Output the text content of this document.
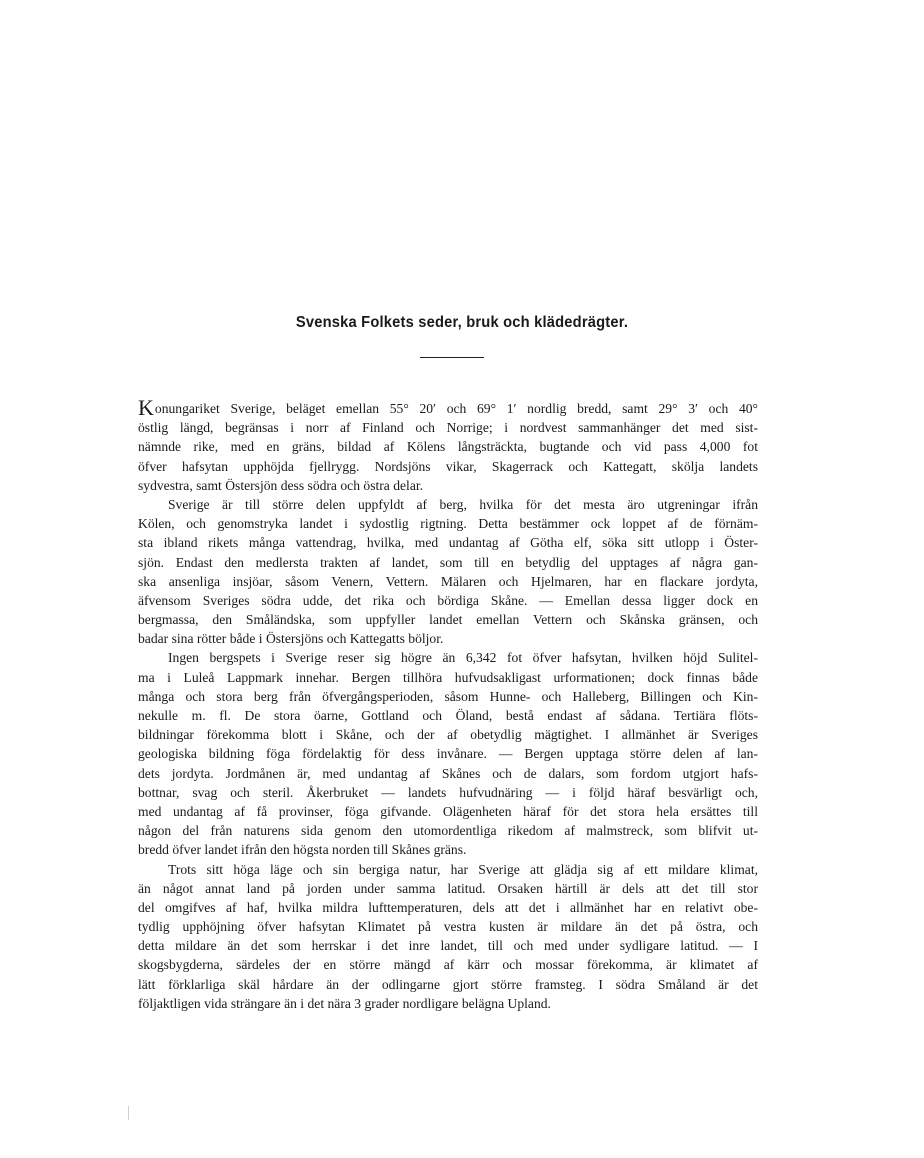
Svenska Folkets seder, bruk och klädedrägter.
Konungariket Sverige, beläget emellan 55° 20′ och 69° 1′ nordlig bredd, samt 29° 3′ och 40°
östlig längd, begränsas i norr af Finland och Norrige; i nordvest sammanhänger det med sist-
nämnde rike, med en gräns, bildad af Kölens långsträckta, bugtande och vid pass 4,000 fot
öfver hafsytan upphöjda fjellrygg. Nordsjöns vikar, Skagerrack och Kattegatt, skölja landets
sydvestra, samt Östersjön dess södra och östra delar.
Sverige är till större delen uppfyldt af berg, hvilka för det mesta äro utgreningar ifrån
Kölen, och genomstryka landet i sydostlig rigtning. Detta bestämmer ock loppet af de förnäm-
sta ibland rikets många vattendrag, hvilka, med undantag af Götha elf, söka sitt utlopp i Öster-
sjön. Endast den medlersta trakten af landet, som till en betydlig del upptages af några gan-
ska ansenliga insjöar, såsom Venern, Vettern. Mälaren och Hjelmaren, har en flackare jordyta,
äfvensom Sveriges södra udde, det rika och bördiga Skåne. — Emellan dessa ligger dock en
bergmassa, den Småländska, som uppfyller landet emellan Vettern och Skånska gränsen, och
badar sina rötter både i Östersjöns och Kattegatts böljor.
Ingen bergspets i Sverige reser sig högre än 6,342 fot öfver hafsytan, hvilken höjd Sulitel-
ma i Luleå Lappmark innehar. Bergen tillhöra hufvudsakligast urformationen; dock finnas både
många och stora berg från öfvergångsperioden, såsom Hunne- och Halleberg, Billingen och Kin-
nekulle m. fl. De stora öarne, Gottland och Öland, bestå endast af sådana. Tertiära flöts-
bildningar förekomma blott i Skåne, och der af obetydlig mägtighet. I allmänhet är Sveriges
geologiska bildning föga fördelaktig för dess invånare. — Bergen upptaga större delen af lan-
dets jordyta. Jordmånen är, med undantag af Skånes och de dalars, som fordom utgjort hafs-
bottnar, svag och steril. Åkerbruket — landets hufvudnäring — i följd häraf besvärligt och,
med undantag af få provinser, föga gifvande. Olägenheten häraf för det stora hela ersättes till
någon del från naturens sida genom den utomordentliga rikedom af malmstreck, som blifvit ut-
bredd öfver landet ifrån den högsta norden till Skånes gräns.
Trots sitt höga läge och sin bergiga natur, har Sverige att glädja sig af ett mildare klimat,
än något annat land på jorden under samma latitud. Orsaken härtill är dels att det till stor
del omgifves af haf, hvilka mildra lufttemperaturen, dels att det i allmänhet har en relativt obe-
tydlig upphöjning öfver hafsytan Klimatet på vestra kusten är mildare än det på östra, och
detta mildare än det som herrskar i det inre landet, till och med under sydligare latitud. — I
skogsbygderna, särdeles der en större mängd af kärr och mossar förekomma, är klimatet af
lätt förklarliga skäl hårdare än der odlingarne gjort större framsteg. I södra Småland är det
följaktligen vida strängare än i det nära 3 grader nordligare belägna Upland.
